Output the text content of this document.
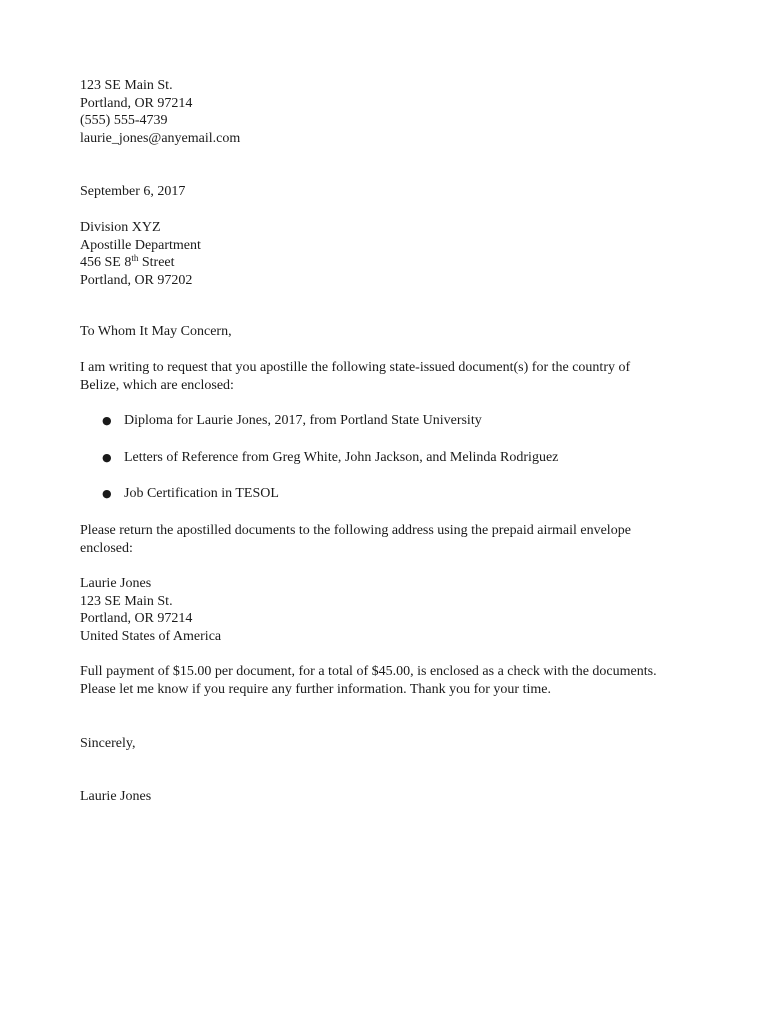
123 SE Main St.
Portland, OR 97214
(555) 555-4739
laurie_jones@anyemail.com
September 6, 2017
Division XYZ
Apostille Department
456 SE 8th Street
Portland, OR 97202
To Whom It May Concern,
I am writing to request that you apostille the following state-issued document(s) for the country of
Belize, which are enclosed:
● Diploma for Laurie Jones, 2017, from Portland State University
● Letters of Reference from Greg White, John Jackson, and Melinda Rodriguez
● Job Certification in TESOL
Please return the apostilled documents to the following address using the prepaid airmail envelope
enclosed:
Laurie Jones
123 SE Main St.
Portland, OR 97214
United States of America
Full payment of $15.00 per document, for a total of $45.00, is enclosed as a check with the documents.
Please let me know if you require any further information. Thank you for your time.
Sincerely,
Laurie Jones
